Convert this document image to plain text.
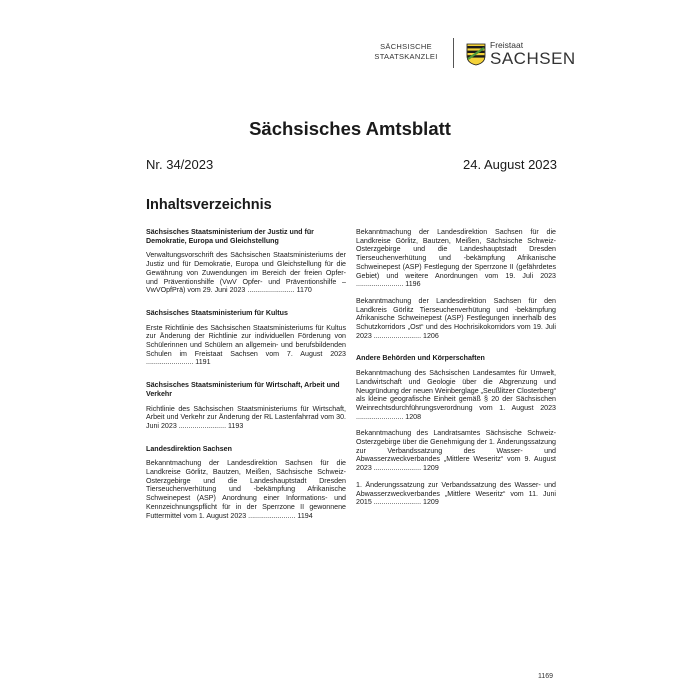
SÄCHSISCHE
STAATSKANZLEI
Freistaat
SACHSEN
Sächsisches Amtsblatt
Nr. 34/2023	24. August 2023
Inhaltsverzeichnis
Sächsisches Staatsministerium der Justiz und für Demokratie, Europa und Gleichstellung
Verwaltungsvorschrift des Sächsischen Staatsministeriums der Justiz und für Demokratie, Europa und Gleichstellung für die Gewährung von Zuwendungen im Bereich der freien Opfer- und Präventionshilfe (VwV Opfer- und Präventionshilfe – VwVOpfPrä) vom 29. Juni 2023 ........................ 1170
Sächsisches Staatsministerium für Kultus
Erste Richtlinie des Sächsischen Staatsministeriums für Kultus zur Änderung der Richtlinie zur individuellen Förderung von Schülerinnen und Schülern an allgemein- und berufsbildenden Schulen im Freistaat Sachsen vom 7. August 2023 ........................ 1191
Sächsisches Staatsministerium für Wirtschaft, Arbeit und Verkehr
Richtlinie des Sächsischen Staatsministeriums für Wirtschaft, Arbeit und Verkehr zur Änderung der RL Lastenfahrrad vom 30. Juni 2023 ........................ 1193
Landesdirektion Sachsen
Bekanntmachung der Landesdirektion Sachsen für die Landkreise Görlitz, Bautzen, Meißen, Sächsische Schweiz-Osterzgebirge und die Landeshauptstadt Dresden Tierseuchenverhütung und -bekämpfung Afrikanische Schweinepest (ASP) Anordnung einer Informations- und Kennzeichnungspflicht für in der Sperrzone II gewonnene Futtermittel vom 1. August 2023 ........................ 1194
Bekanntmachung der Landesdirektion Sachsen für die Landkreise Görlitz, Bautzen, Meißen, Sächsische Schweiz-Osterzgebirge und die Landeshauptstadt Dresden Tierseuchenverhütung und -bekämpfung Afrikanische Schweinepest (ASP) Festlegung der Sperrzone II (gefährdetes Gebiet) und weitere Anordnungen vom 19. Juli 2023 ........................ 1196
Bekanntmachung der Landesdirektion Sachsen für den Landkreis Görlitz Tierseuchenverhütung und -bekämpfung Afrikanische Schweinepest (ASP) Festlegungen innerhalb des Schutzkorridors „Ost“ und des Hochrisikokorridors vom 19. Juli 2023 ........................ 1206
Andere Behörden und Körperschaften
Bekanntmachung des Sächsischen Landesamtes für Umwelt, Landwirtschaft und Geologie über die Abgrenzung und Neugründung der neuen Weinberglage „Seußlitzer Closterberg“ als kleine geografische Einheit gemäß § 20 der Sächsischen Weinrechtsdurchführungsverordnung vom 1. August 2023 ........................ 1208
Bekanntmachung des Landratsamtes Sächsische Schweiz-Osterzgebirge über die Genehmigung der 1. Änderungssatzung zur Verbandssatzung des Wasser- und Abwasserzweckverbandes „Mittlere Weseritz“ vom 9. August 2023 ........................ 1209
1. Änderungssatzung zur Verbandssatzung des Wasser- und Abwasserzweckverbandes „Mittlere Weseritz“ vom 11. Juni 2015 ........................ 1209
1169
